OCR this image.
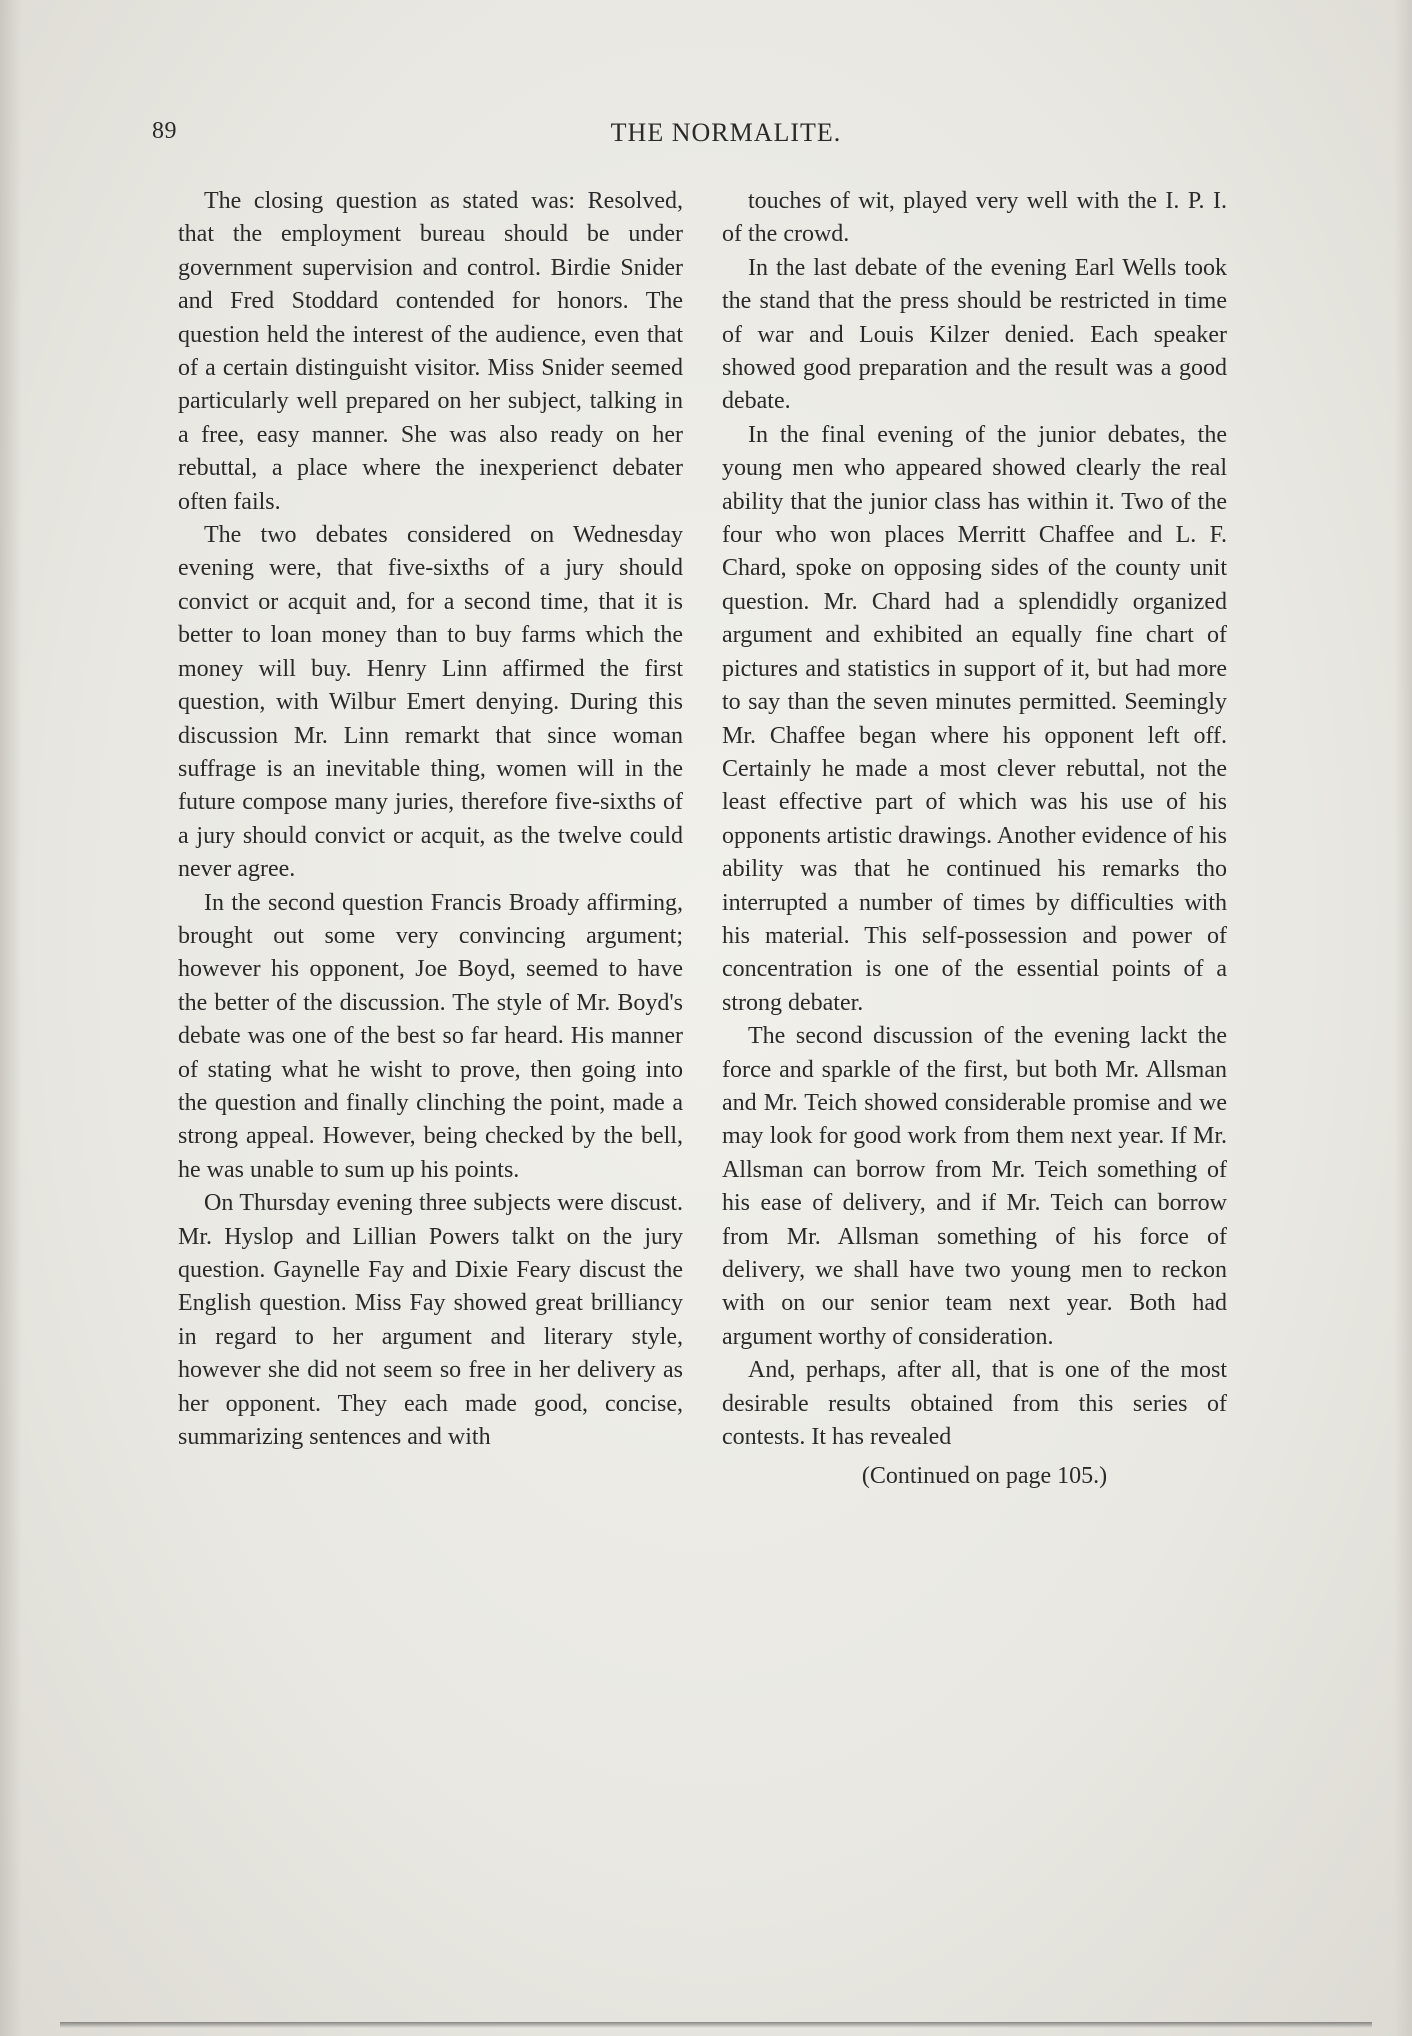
89	THE NORMALITE.

The closing question as stated was: Resolved, that the employment bureau should be under government supervision and control. Birdie Snider and Fred Stoddard contended for honors. The question held the interest of the audience, even that of a certain distinguisht visitor. Miss Snider seemed particularly well prepared on her subject, talking in a free, easy manner. She was also ready on her rebuttal, a place where the inexperienct debater often fails.

The two debates considered on Wednesday evening were, that five-sixths of a jury should convict or acquit and, for a second time, that it is better to loan money than to buy farms which the money will buy. Henry Linn affirmed the first question, with Wilbur Emert denying. During this discussion Mr. Linn remarkt that since woman suffrage is an inevitable thing, women will in the future compose many juries, therefore five-sixths of a jury should convict or acquit, as the twelve could never agree.

In the second question Francis Broady affirming, brought out some very convincing argument; however his opponent, Joe Boyd, seemed to have the better of the discussion. The style of Mr. Boyd's debate was one of the best so far heard. His manner of stating what he wisht to prove, then going into the question and finally clinching the point, made a strong appeal. However, being checked by the bell, he was unable to sum up his points.

On Thursday evening three subjects were discust. Mr. Hyslop and Lillian Powers talkt on the jury question. Gaynelle Fay and Dixie Feary discust the English question. Miss Fay showed great brilliancy in regard to her argument and literary style, however she did not seem so free in her delivery as her opponent. They each made good, concise, summarizing sentences and with

touches of wit, played very well with the I. P. I. of the crowd.

In the last debate of the evening Earl Wells took the stand that the press should be restricted in time of war and Louis Kilzer denied. Each speaker showed good preparation and the result was a good debate.

In the final evening of the junior debates, the young men who appeared showed clearly the real ability that the junior class has within it. Two of the four who won places Merritt Chaffee and L. F. Chard, spoke on opposing sides of the county unit question. Mr. Chard had a splendidly organized argument and exhibited an equally fine chart of pictures and statistics in support of it, but had more to say than the seven minutes permitted. Seemingly Mr. Chaffee began where his opponent left off. Certainly he made a most clever rebuttal, not the least effective part of which was his use of his opponents artistic drawings. Another evidence of his ability was that he continued his remarks tho interrupted a number of times by difficulties with his material. This self-possession and power of concentration is one of the essential points of a strong debater.

The second discussion of the evening lackt the force and sparkle of the first, but both Mr. Allsman and Mr. Teich showed considerable promise and we may look for good work from them next year. If Mr. Allsman can borrow from Mr. Teich something of his ease of delivery, and if Mr. Teich can borrow from Mr. Allsman something of his force of delivery, we shall have two young men to reckon with on our senior team next year. Both had argument worthy of consideration.

And, perhaps, after all, that is one of the most desirable results obtained from this series of contests. It has revealed

(Continued on page 105.)
